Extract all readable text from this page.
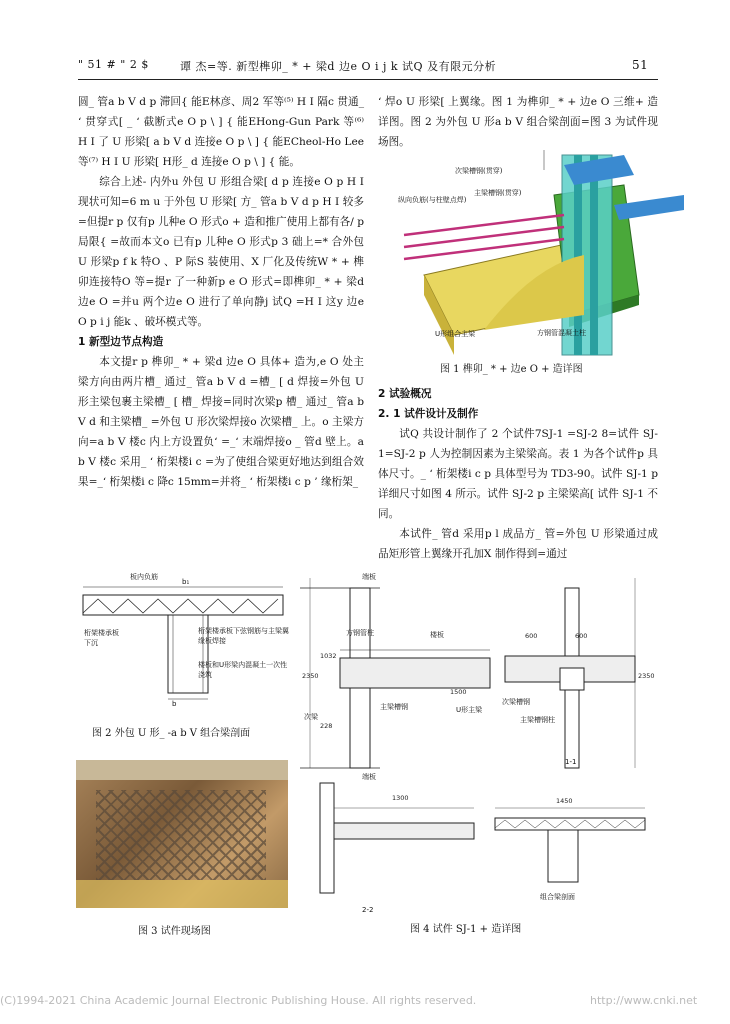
" 51 # " 2 $	谭 杰=等. 新型榫卯_ * + 梁d 边e O i j k 试Q 及有限元分析	51

圆_ 管a b V d p 滞回{ 能E林彦、周2 军等⁽⁵⁾ H I 隔c 贯通_ ‘ 贯穿式[ _ ‘ 截断式e O p \ ] { 能EHong-Gun Park 等⁽⁶⁾ H I 了 U 形梁[ a b V d 连接e O p \ ] { 能ECheol-Ho Lee 等⁽⁷⁾ H I U 形梁[ H形_ d 连接e O p \ ] { 能。

综合上述- 内外u 外包 U 形组合梁[ d p 连接e O p H I 现状可知=6 m u 于外包 U 形梁[ 方_ 管a b V d p H I 较多=但提r p 仅有p 儿种e O 形式o + 造和推广使用上都有各/ p 局限{ =故而本文o 已有p 儿种e O 形式p 3 础上=* 合外包 U 形梁p f k 特O 、P 际S 装使用、X 厂化及传统W * + 榫卯连接特O 等=提r 了一种新p e O 形式=即榫卯_ * + 梁d 边e O =并u 两个边e O 进行了单向静j 试Q =H I 这y 边e O p i j 能k 、破坏模式等。

1 新型边节点构造

本文提r p 榫卯_ * + 梁d 边e O 具体+ 造为,e O 处主梁方向由两片槽_ 通过_ 管a b V d =槽_ [ d 焊接=外包 U 形主梁包裹主梁槽_ [ 槽_ 焊接=同时次梁p 槽_ 通过_ 管a b V d 和主梁槽_ =外包 U 形次梁焊接o 次梁槽_ 上。o 主梁方向=a b V 楼c 内上方设置负‘ =_‘ 末端焊接o _ 管d 壁上。a b V 楼c 采用_ ‘ 桁架楼i c =为了使组合梁更好地达到组合效果=_‘ 桁架楼i c 降c 15mm=并将_ ‘ 桁架楼i c p ’ 缘桁架_

‘ 焊o U 形梁[ 上翼缘。图 1 为榫卯_ * + 边e O 三维+ 造详图。图 2 为外包 U 形a b V 组合梁剖面=图 3 为试件现场图。

次梁槽钢(贯穿)
主梁槽钢(贯穿)
纵向负筋(与柱壁点焊)
U形组合主梁	方钢管混凝土柱
图 1 榫卯_ * + 边e O + 造详图

2 试验概况

2. 1 试件设计及制作

试Q 共设计制作了 2 个试件7SJ-1 =SJ-2 8=试件 SJ-1=SJ-2 p 人为控制因素为主梁梁高。表 1 为各个试件p 具体尺寸。_ ‘ 桁架楼i c p 具体型号为 TD3-90。试件 SJ-1 p 详细尺寸如图 4 所示。试件 SJ-2 p 主梁梁高[ 试件 SJ-1 不同。

本试件_ 管d 采用p l 成品方_ 管=外包 U 形梁通过成品矩形管上翼缘开孔加X 制作得到=通过

板内负筋
b₁
桁架楼承板下沉
桁架楼承板下弦钢筋与主梁翼缘板焊接
楼板和U形梁内混凝土一次性浇筑
b
图 2 外包 U 形_ -a b V 组合梁剖面
图 3 试件现场图
1032
2350
228
1500
1300	1450
600	600
2350
端板
方钢管柱	楼板
次梁
主梁槽钢	U形主梁
次梁槽钢
主梁槽钢柱
端板
1-1
2-2
组合梁剖面
图 4 试件 SJ-1 + 造详图
(C)1994-2021 China Academic Journal Electronic Publishing House. All rights reserved.	http://www.cnki.net
